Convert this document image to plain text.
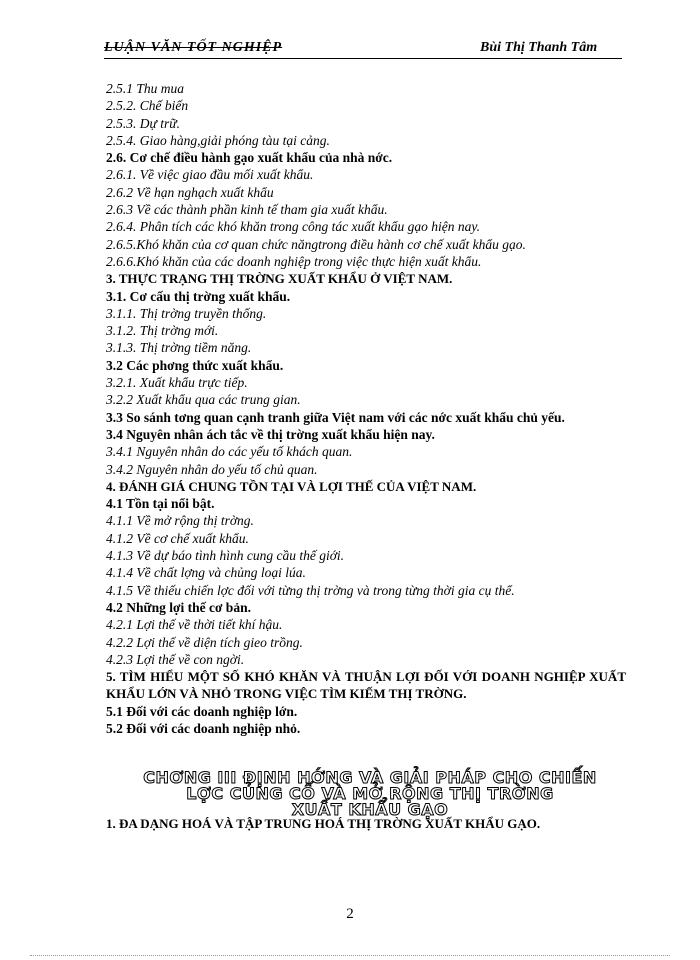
LUẬN VĂN TỐT NGHIỆP	Bùi Thị Thanh Tâm
2.5.1 Thu mua
2.5.2. Chế biến
2.5.3. Dự trữ.
2.5.4. Giao hàng,giải phóng tàu tại cảng.
2.6. Cơ chế điều hành gạo xuất khẩu của nhà nớc.
2.6.1. Về việc giao đầu mối xuất khẩu.
2.6.2 Về hạn nghạch xuất khẩu
2.6.3 Về các thành phần kinh tế tham gia xuất khẩu.
2.6.4. Phân tích các khó khăn trong công tác xuất khẩu gạo hiện nay.
2.6.5.Khó khăn của cơ quan chức năngtrong điều hành cơ chế xuất khẩu gạo.
2.6.6.Khó khăn của các doanh nghiệp trong việc thực hiện xuất khẩu.
3. THỰC TRẠNG THỊ TRỜNG XUẤT KHẨU Ở VIỆT NAM.
3.1. Cơ cấu thị trờng xuất khẩu.
3.1.1. Thị trờng truyền thống.
3.1.2. Thị trờng mới.
3.1.3. Thị trờng tiềm năng.
3.2 Các phơng thức xuất khẩu.
3.2.1. Xuất khẩu trực tiếp.
3.2.2 Xuất khẩu qua các trung gian.
3.3 So sánh tơng quan cạnh tranh giữa Việt nam với các nớc xuất khẩu chủ yếu.
3.4 Nguyên nhân ách tắc về thị trờng xuất khẩu hiện nay.
3.4.1 Nguyên nhân do các yếu tố khách quan.
3.4.2 Nguyên nhân do yếu tố chủ quan.
4. ĐÁNH GIÁ CHUNG TỒN TẠI VÀ LỢI THẾ CỦA VIỆT NAM.
4.1 Tồn tại nổi bật.
4.1.1 Về mở rộng thị trờng.
4.1.2 Về cơ chế xuất khẩu.
4.1.3 Về dự báo tình hình cung cầu thế giới.
4.1.4 Về chất lợng và chủng loại lúa.
4.1.5 Về thiếu chiến lợc đối với từng thị trờng và trong từng thời gia cụ thể.
4.2 Những lợi thế cơ bản.
4.2.1 Lợi thế về thời tiết khí hậu.
4.2.2 Lợi thế về diện tích gieo trồng.
4.2.3 Lợi thế về con ngời.
5. TÌM HIỂU MỘT SỐ KHÓ KHĂN VÀ THUẬN LỢI ĐỐI VỚI DOANH NGHIỆP XUẤT KHẨU LỚN VÀ NHỎ TRONG VIỆC TÌM KIẾM THỊ TRỜNG.
5.1 Đối với các doanh nghiệp lớn.
5.2 Đối với các doanh nghiệp nhỏ.
CHƠNG III ĐỊNH HỚNG VÀ GIẢI PHÁP CHO CHIẾN
LỢC CỦNG CỐ VÀ MỞ RỘNG THỊ TRỜNG
XUẤT KHẨU GẠO
1. ĐA DẠNG HOÁ VÀ TẬP TRUNG HOÁ THỊ TRỜNG XUẤT KHẨU GẠO.
2
